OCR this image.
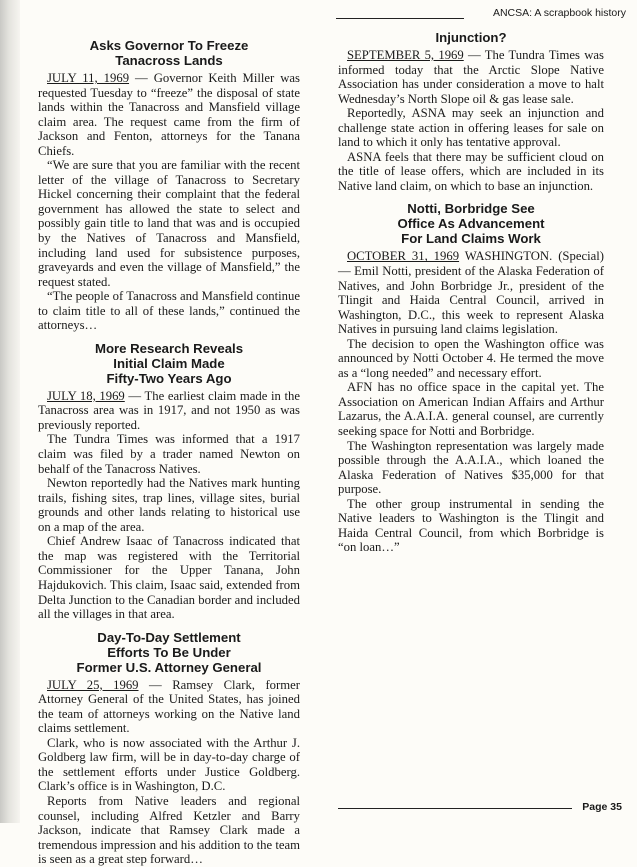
ANCSA: A scrapbook history
Asks Governor To Freeze
Tanacross Lands

JULY 11, 1969 — Governor Keith Miller was requested Tuesday to “freeze” the disposal of state lands within the Tanacross and Mansfield village claim area. The request came from the firm of Jackson and Fenton, attorneys for the Tanana Chiefs.

“We are sure that you are familiar with the recent letter of the village of Tanacross to Secretary Hickel concerning their complaint that the federal government has allowed the state to select and possibly gain title to land that was and is occupied by the Natives of Tanacross and Mansfield, including land used for subsistence purposes, graveyards and even the village of Mansfield,” the request stated.

“The people of Tanacross and Mansfield continue to claim title to all of these lands,” continued the attorneys…

More Research Reveals
Initial Claim Made
Fifty-Two Years Ago

JULY 18, 1969 — The earliest claim made in the Tanacross area was in 1917, and not 1950 as was previously reported.

The Tundra Times was informed that a 1917 claim was filed by a trader named Newton on behalf of the Tanacross Natives.

Newton reportedly had the Natives mark hunting trails, fishing sites, trap lines, village sites, burial grounds and other lands relating to historical use on a map of the area.

Chief Andrew Isaac of Tanacross indicated that the map was registered with the Territorial Commissioner for the Upper Tanana, John Hajdukovich. This claim, Isaac said, extended from Delta Junction to the Canadian border and included all the villages in that area.

Day-To-Day Settlement
Efforts To Be Under
Former U.S. Attorney General

JULY 25, 1969 — Ramsey Clark, former Attorney General of the United States, has joined the team of attorneys working on the Native land claims settlement.

Clark, who is now associated with the Arthur J. Goldberg law firm, will be in day-to-day charge of the settlement efforts under Justice Goldberg. Clark’s office is in Washington, D.C.

Reports from Native leaders and regional counsel, including Alfred Ketzler and Barry Jackson, indicate that Ramsey Clark made a tremendous impression and his addition to the team is seen as a great step forward…

Injunction?

SEPTEMBER 5, 1969 — The Tundra Times was informed today that the Arctic Slope Native Association has under consideration a move to halt Wednesday’s North Slope oil & gas lease sale.

Reportedly, ASNA may seek an injunction and challenge state action in offering leases for sale on land to which it only has tentative approval.

ASNA feels that there may be sufficient cloud on the title of lease offers, which are included in its Native land claim, on which to base an injunction.

Notti, Borbridge See
Office As Advancement
For Land Claims Work

OCTOBER 31, 1969 WASHINGTON. (Special) — Emil Notti, president of the Alaska Federation of Natives, and John Borbridge Jr., president of the Tlingit and Haida Central Council, arrived in Washington, D.C., this week to represent Alaska Natives in pursuing land claims legislation.

The decision to open the Washington office was announced by Notti October 4. He termed the move as a “long needed” and necessary effort.

AFN has no office space in the capital yet. The Association on American Indian Affairs and Arthur Lazarus, the A.A.I.A. general counsel, are currently seeking space for Notti and Borbridge.

The Washington representation was largely made possible through the A.A.I.A., which loaned the Alaska Federation of Natives $35,000 for that purpose.

The other group instrumental in sending the Native leaders to Washington is the Tlingit and Haida Central Council, from which Borbridge is “on loan…”

Page 35
